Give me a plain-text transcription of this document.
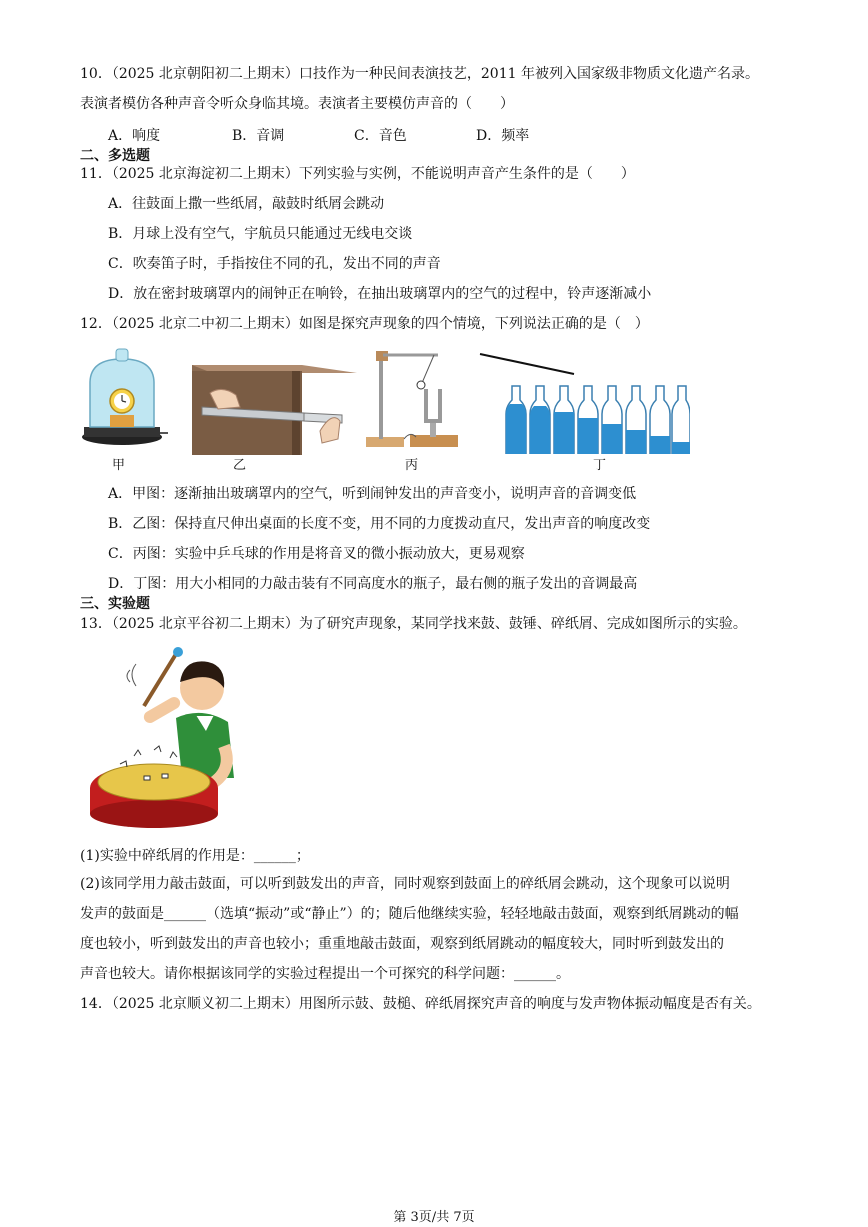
10．（2025 北京朝阳初二上期末）口技作为一种民间表演技艺，2011 年被列入国家级非物质文化遗产名录。
表演者模仿各种声音令听众身临其境。表演者主要模仿声音的（　　）
A．响度	B．音调	C．音色	D．频率
二、多选题
11．（2025 北京海淀初二上期末）下列实验与实例，不能说明声音产生条件的是（　　）
A．往鼓面上撒一些纸屑，敲鼓时纸屑会跳动
B．月球上没有空气，宇航员只能通过无线电交谈
C．吹奏笛子时，手指按住不同的孔，发出不同的声音
D．放在密封玻璃罩内的闹钟正在响铃，在抽出玻璃罩内的空气的过程中，铃声逐渐减小
12．（2025 北京二中初二上期末）如图是探究声现象的四个情境，下列说法正确的是（　）
甲	乙	丙	丁
A．甲图：逐渐抽出玻璃罩内的空气，听到闹钟发出的声音变小，说明声音的音调变低
B．乙图：保持直尺伸出桌面的长度不变，用不同的力度拨动直尺，发出声音的响度改变
C．丙图：实验中乒乓球的作用是将音叉的微小振动放大，更易观察
D．丁图：用大小相同的力敲击装有不同高度水的瓶子，最右侧的瓶子发出的音调最高
三、实验题
13．（2025 北京平谷初二上期末）为了研究声现象，某同学找来鼓、鼓锤、碎纸屑、完成如图所示的实验。
(1)实验中碎纸屑的作用是：______；
(2)该同学用力敲击鼓面，可以听到鼓发出的声音，同时观察到鼓面上的碎纸屑会跳动，这个现象可以说明
发声的鼓面是______（选填“振动”或“静止”）的；随后他继续实验，轻轻地敲击鼓面，观察到纸屑跳动的幅
度也较小，听到鼓发出的声音也较小；重重地敲击鼓面，观察到纸屑跳动的幅度较大，同时听到鼓发出的
声音也较大。请你根据该同学的实验过程提出一个可探究的科学问题：______。
14．（2025 北京顺义初二上期末）用图所示鼓、鼓槌、碎纸屑探究声音的响度与发声物体振动幅度是否有关。
第 3页/共 7页
